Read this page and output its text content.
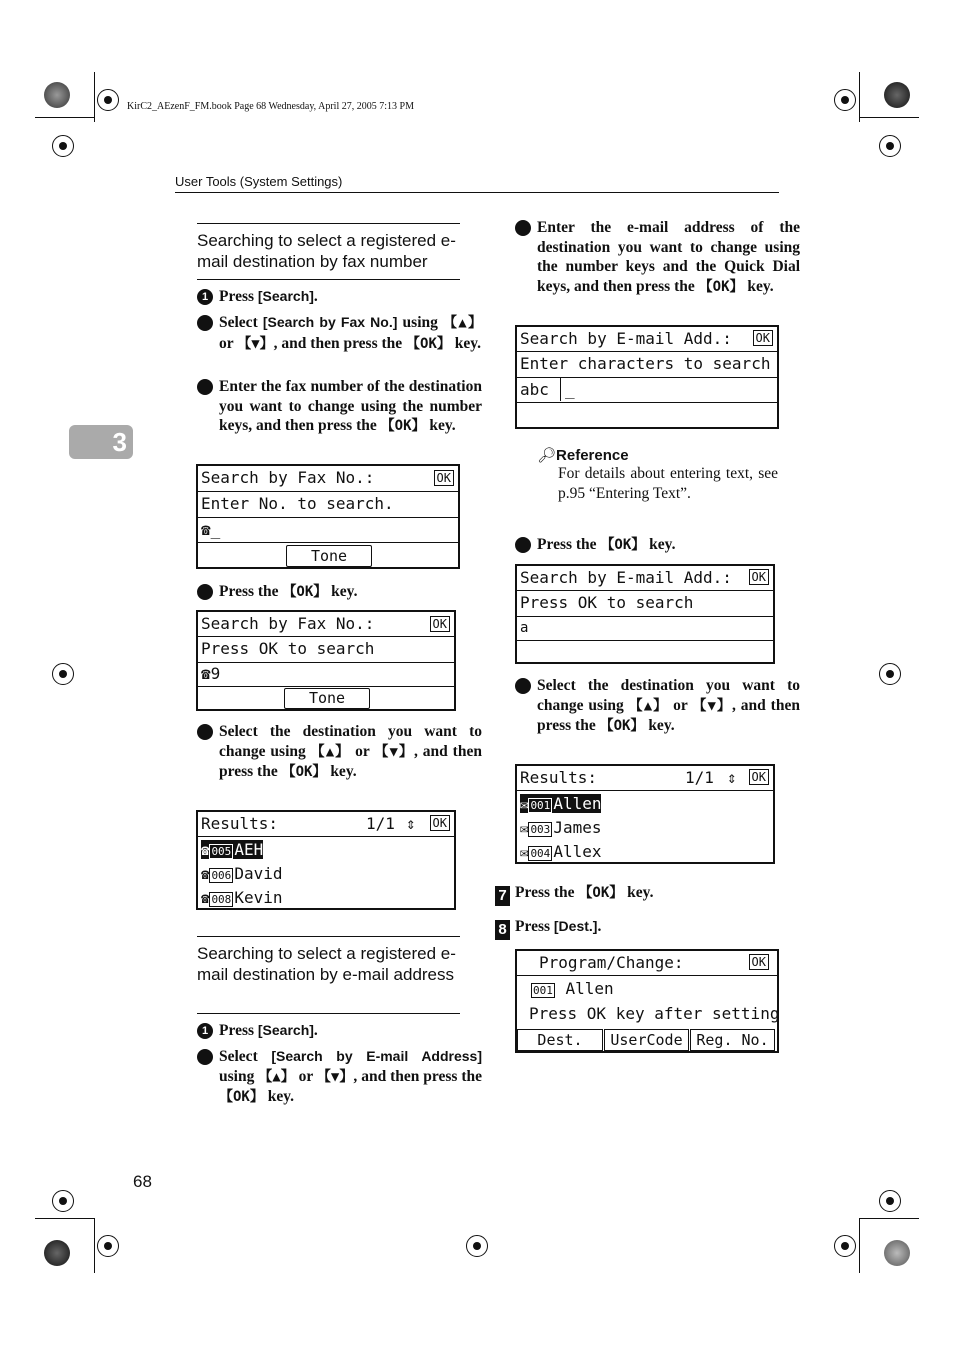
KirC2_AEzenF_FM.book Page 68 Wednesday, April 27, 2005 7:13 PM
User Tools (System Settings)
3
Searching to select a registered e-mail destination by fax number
1 Press [Search].
2 Select [Search by Fax No.] using 【▲】 or 【▼】, and then press the 【OK】 key.
3 Enter the fax number of the destination you want to change using the number keys, and then press the 【OK】 key.
Search by Fax No.:	OK
Enter No. to search.
☎_
Tone
4 Press the 【OK】 key.
Search by Fax No.:	OK
Press OK to search
☎9
Tone
5 Select the destination you want to change using 【▲】 or 【▼】, and then press the 【OK】 key.
Results:	1/1 ⇕ OK
☎ 005 AEH
☎ 006 David
☎ 008 Kevin
Searching to select a registered e-mail destination by e-mail address
1 Press [Search].
2 Select [Search by E-mail Address] using 【▲】 or 【▼】, and then press the 【OK】 key.
3 Enter the e-mail address of the destination you want to change using the number keys and the Quick Dial keys, and then press the 【OK】 key.
Search by E-mail Add.: OK
Enter characters to search
abc _
🔎︎Reference
For details about entering text, see p.95 “Entering Text”.
4 Press the 【OK】 key.
Search by E-mail Add.: OK
Press OK to search
a
5 Select the destination you want to change using 【▲】 or 【▼】, and then press the 【OK】 key.
Results:	1/1 ⇕ OK
✉ 001 Allen
✉ 003 James
✉ 004 Allex
7 Press the 【OK】 key.
8 Press [Dest.].
Program/Change:	OK
001 Allen
Press OK key after setting
Dest.	UserCode Reg. No.
68
